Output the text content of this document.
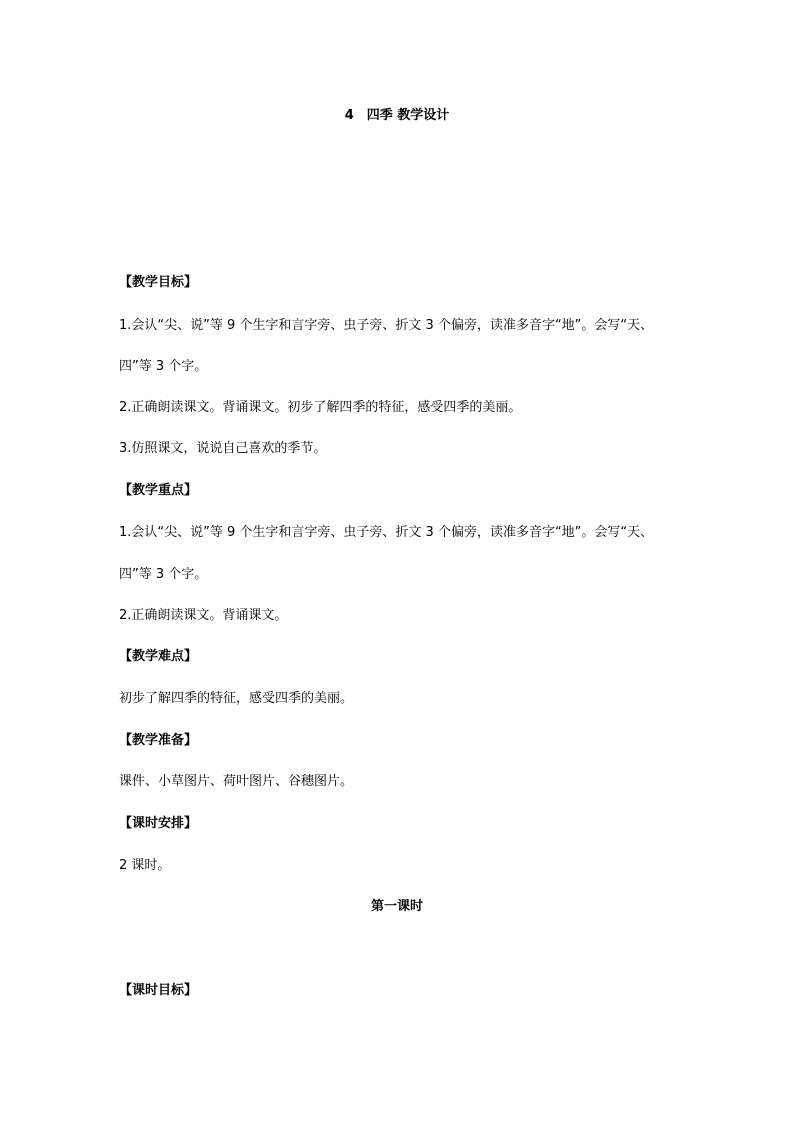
4　四季 教学设计
【教学目标】
1.会认“尖、说”等 9 个生字和言字旁、虫子旁、折文 3 个偏旁，读准多音字“地”。会写“天、
四”等 3 个字。
2.正确朗读课文。背诵课文。初步了解四季的特征，感受四季的美丽。
3.仿照课文，说说自己喜欢的季节。
【教学重点】
1.会认“尖、说”等 9 个生字和言字旁、虫子旁、折文 3 个偏旁，读准多音字“地”。会写“天、
四”等 3 个字。
2.正确朗读课文。背诵课文。
【教学难点】
初步了解四季的特征，感受四季的美丽。
【教学准备】
课件、小草图片、荷叶图片、谷穗图片。
【课时安排】
2 课时。
第一课时
【课时目标】
